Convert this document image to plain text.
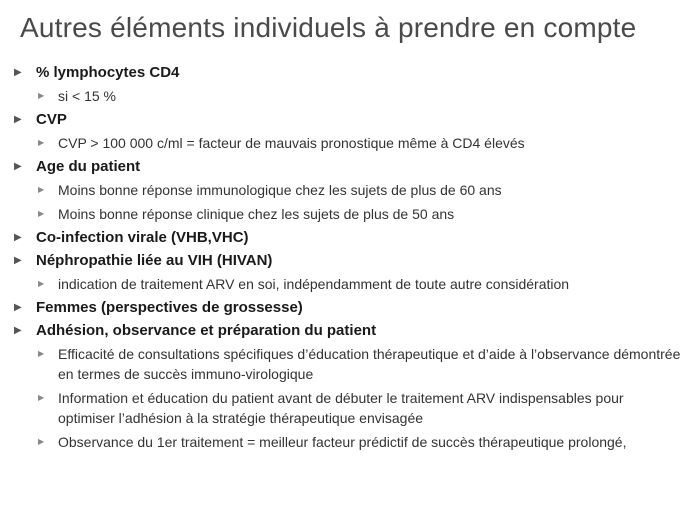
Autres éléments individuels à prendre en compte
▶ % lymphocytes CD4
▶ si < 15 %
▶ CVP
▶ CVP > 100 000 c/ml = facteur de mauvais pronostique même à CD4 élevés
▶ Age du patient
▶ Moins bonne réponse immunologique chez les sujets de plus de 60 ans
▶ Moins bonne réponse clinique chez les sujets de plus de 50 ans
▶ Co-infection virale (VHB,VHC)
▶ Néphropathie liée au VIH (HIVAN)
▶ indication de traitement ARV en soi, indépendamment de toute autre considération
▶ Femmes (perspectives de grossesse)
▶ Adhésion, observance et préparation du patient
▶ Efficacité de consultations spécifiques d’éducation thérapeutique et d’aide à l’observance démontrée en termes de succès immuno-virologique
▶ Information et éducation du patient avant de débuter le traitement ARV indispensables pour optimiser l’adhésion à la stratégie thérapeutique envisagée
▶ Observance du 1er traitement = meilleur facteur prédictif de succès thérapeutique prolongé,
